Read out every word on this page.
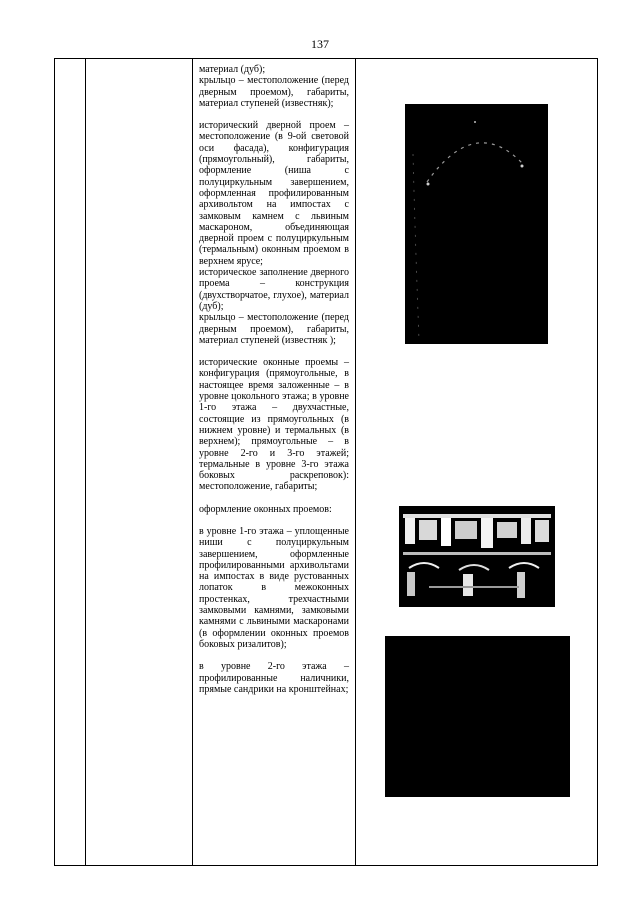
137

материал (дуб);

крыльцо – местоположение (перед дверным проемом), габариты, материал ступеней (известняк);

исторический дверной проем – местоположение (в 9-ой световой оси фасада), конфигурация (прямоугольный), габариты, оформление (ниша с полуциркульным завершением, оформленная профилированным архивольтом на импостах с замковым камнем с львиным маскароном, объединяющая дверной проем с полуциркульным (термальным) оконным проемом в верхнем ярусе;

историческое заполнение дверного проема – конструкция (двухстворчатое, глухое), материал (дуб);

крыльцо – местоположение (перед дверным проемом), габариты, материал ступеней (известняк );

исторические оконные проемы – конфигурация (прямоугольные, в настоящее время заложенные – в уровне цокольного этажа; в уровне 1-го этажа – двухчастные, состоящие из прямоугольных (в нижнем уровне) и термальных (в верхнем); прямоугольные – в уровне 2-го и 3-го этажей; термальные в уровне 3-го этажа боковых раскреповок): местоположение, габариты;

оформление оконных проемов:

в уровне 1-го этажа – уплощенные ниши с полуциркульным завершением, оформленные профилированными архивольтами на импостах в виде рустованных лопаток в межоконных простенках, трехчастными замковыми камнями, замковыми камнями с львиными маскаронами (в оформлении оконных проемов боковых ризалитов);

в уровне 2-го этажа – профилированные наличники, прямые сандрики на кронштейнах;
